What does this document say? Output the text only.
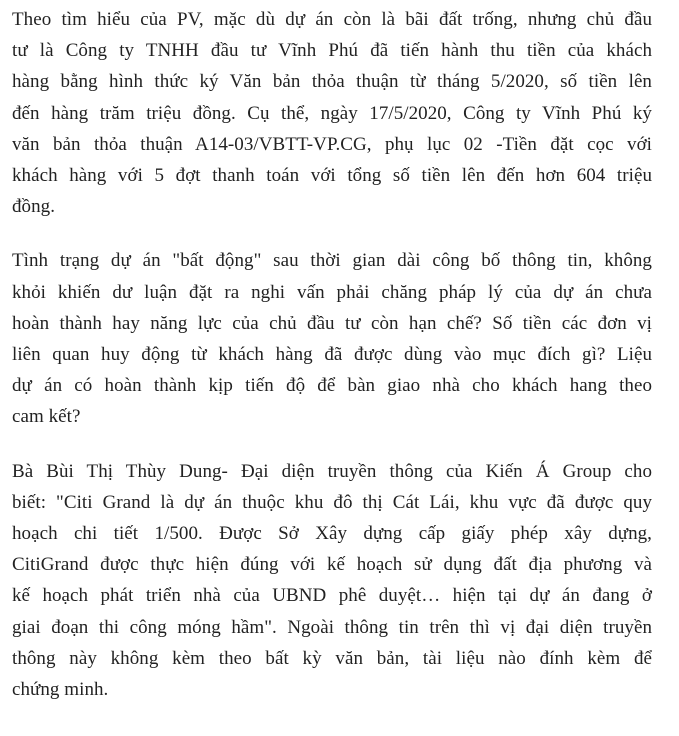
Theo tìm hiểu của PV, mặc dù dự án còn là bãi đất trống, nhưng chủ đầu
tư là Công ty TNHH đầu tư Vĩnh Phú đã tiến hành thu tiền của khách
hàng bằng hình thức ký Văn bản thỏa thuận từ tháng 5/2020, số tiền lên
đến hàng trăm triệu đồng. Cụ thể, ngày 17/5/2020, Công ty Vĩnh Phú ký
văn bản thỏa thuận A14-03/VBTT-VP.CG, phụ lục 02 -Tiền đặt cọc với
khách hàng với 5 đợt thanh toán với tổng số tiền lên đến hơn 604 triệu
đồng.

Tình trạng dự án "bất động" sau thời gian dài công bố thông tin, không
khỏi khiến dư luận đặt ra nghi vấn phải chăng pháp lý của dự án chưa
hoàn thành hay năng lực của chủ đầu tư còn hạn chế? Số tiền các đơn vị
liên quan huy động từ khách hàng đã được dùng vào mục đích gì? Liệu
dự án có hoàn thành kịp tiến độ để bàn giao nhà cho khách hang theo
cam kết?

Bà Bùi Thị Thùy Dung- Đại diện truyền thông của Kiến Á Group cho
biết: "Citi Grand là dự án thuộc khu đô thị Cát Lái, khu vực đã được quy
hoạch chi tiết 1/500. Được Sở Xây dựng cấp giấy phép xây dựng,
CitiGrand được thực hiện đúng với kế hoạch sử dụng đất địa phương và
kế hoạch phát triển nhà của UBND phê duyệt… hiện tại dự án đang ở
giai đoạn thi công móng hầm". Ngoài thông tin trên thì vị đại diện truyền
thông này không kèm theo bất kỳ văn bản, tài liệu nào đính kèm để
chứng minh.
